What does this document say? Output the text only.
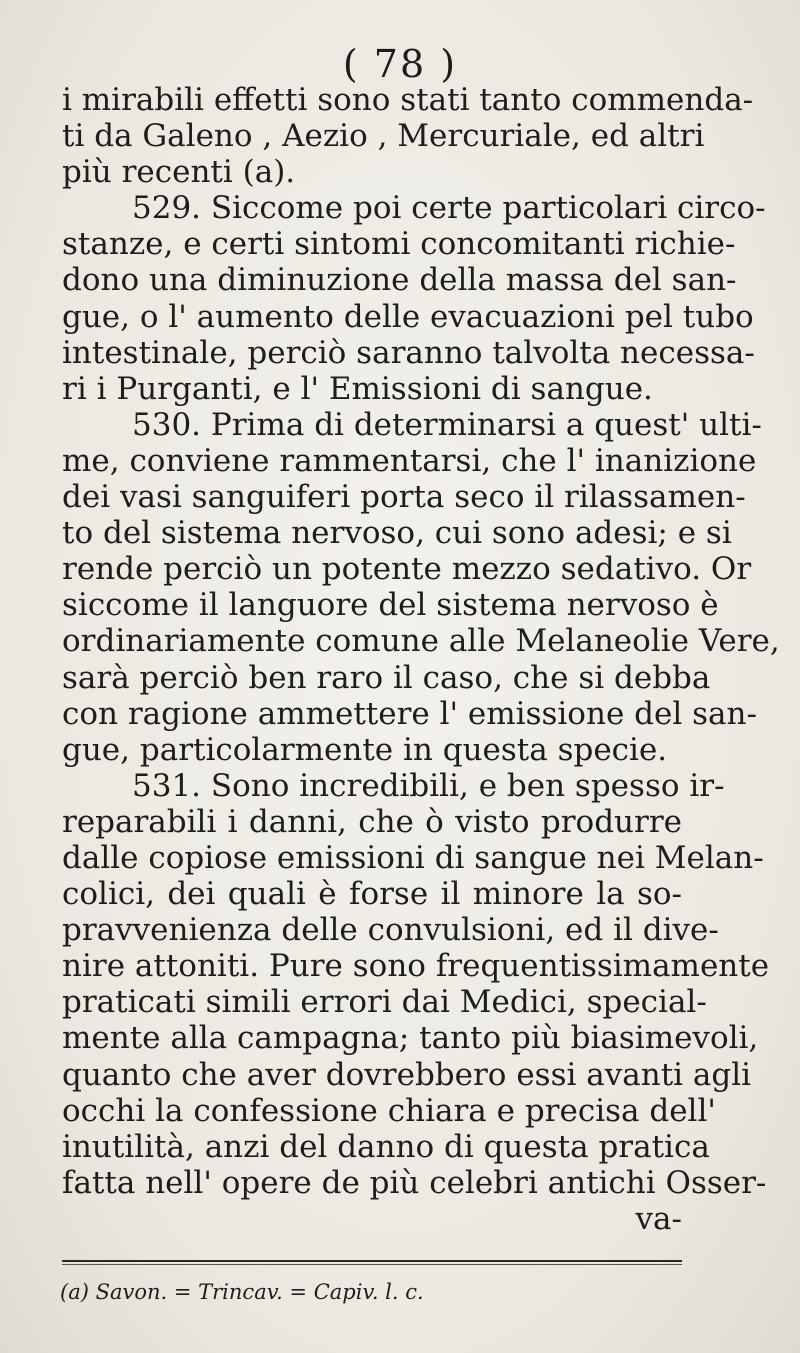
( 78 )
i mirabili effetti sono stati tanto commenda-
ti da Galeno , Aezio , Mercuriale, ed altri
più recenti (a).
529. Siccome poi certe particolari circo-
stanze, e certi sintomi concomitanti richie-
dono una diminuzione della massa del san-
gue, o l' aumento delle evacuazioni pel tubo
intestinale, perciò saranno talvolta necessa-
ri i Purganti, e l' Emissioni di sangue.
530. Prima di determinarsi a quest' ulti-
me, conviene rammentarsi, che l' inanizione
dei vasi sanguiferi porta seco il rilassamen-
to del sistema nervoso, cui sono adesi; e si
rende perciò un potente mezzo sedativo. Or
siccome il languore del sistema nervoso è
ordinariamente comune alle Melaneolie Vere,
sarà perciò ben raro il caso, che si debba
con ragione ammettere l' emissione del san-
gue, particolarmente in questa specie.
531. Sono incredibili, e ben spesso ir-
reparabili i danni, che ò visto produrre
dalle copiose emissioni di sangue nei Melan-
colici, dei quali è forse il minore la so-
pravvenienza delle convulsioni, ed il dive-
nire attoniti. Pure sono frequentissimamente
praticati simili errori dai Medici, special-
mente alla campagna; tanto più biasimevoli,
quanto che aver dovrebbero essi avanti agli
occhi la confessione chiara e precisa dell'
inutilità, anzi del danno di questa pratica
fatta nell' opere de più celebri antichi Osser-
va-
(a) Savon. = Trincav. = Capiv. l. c.
